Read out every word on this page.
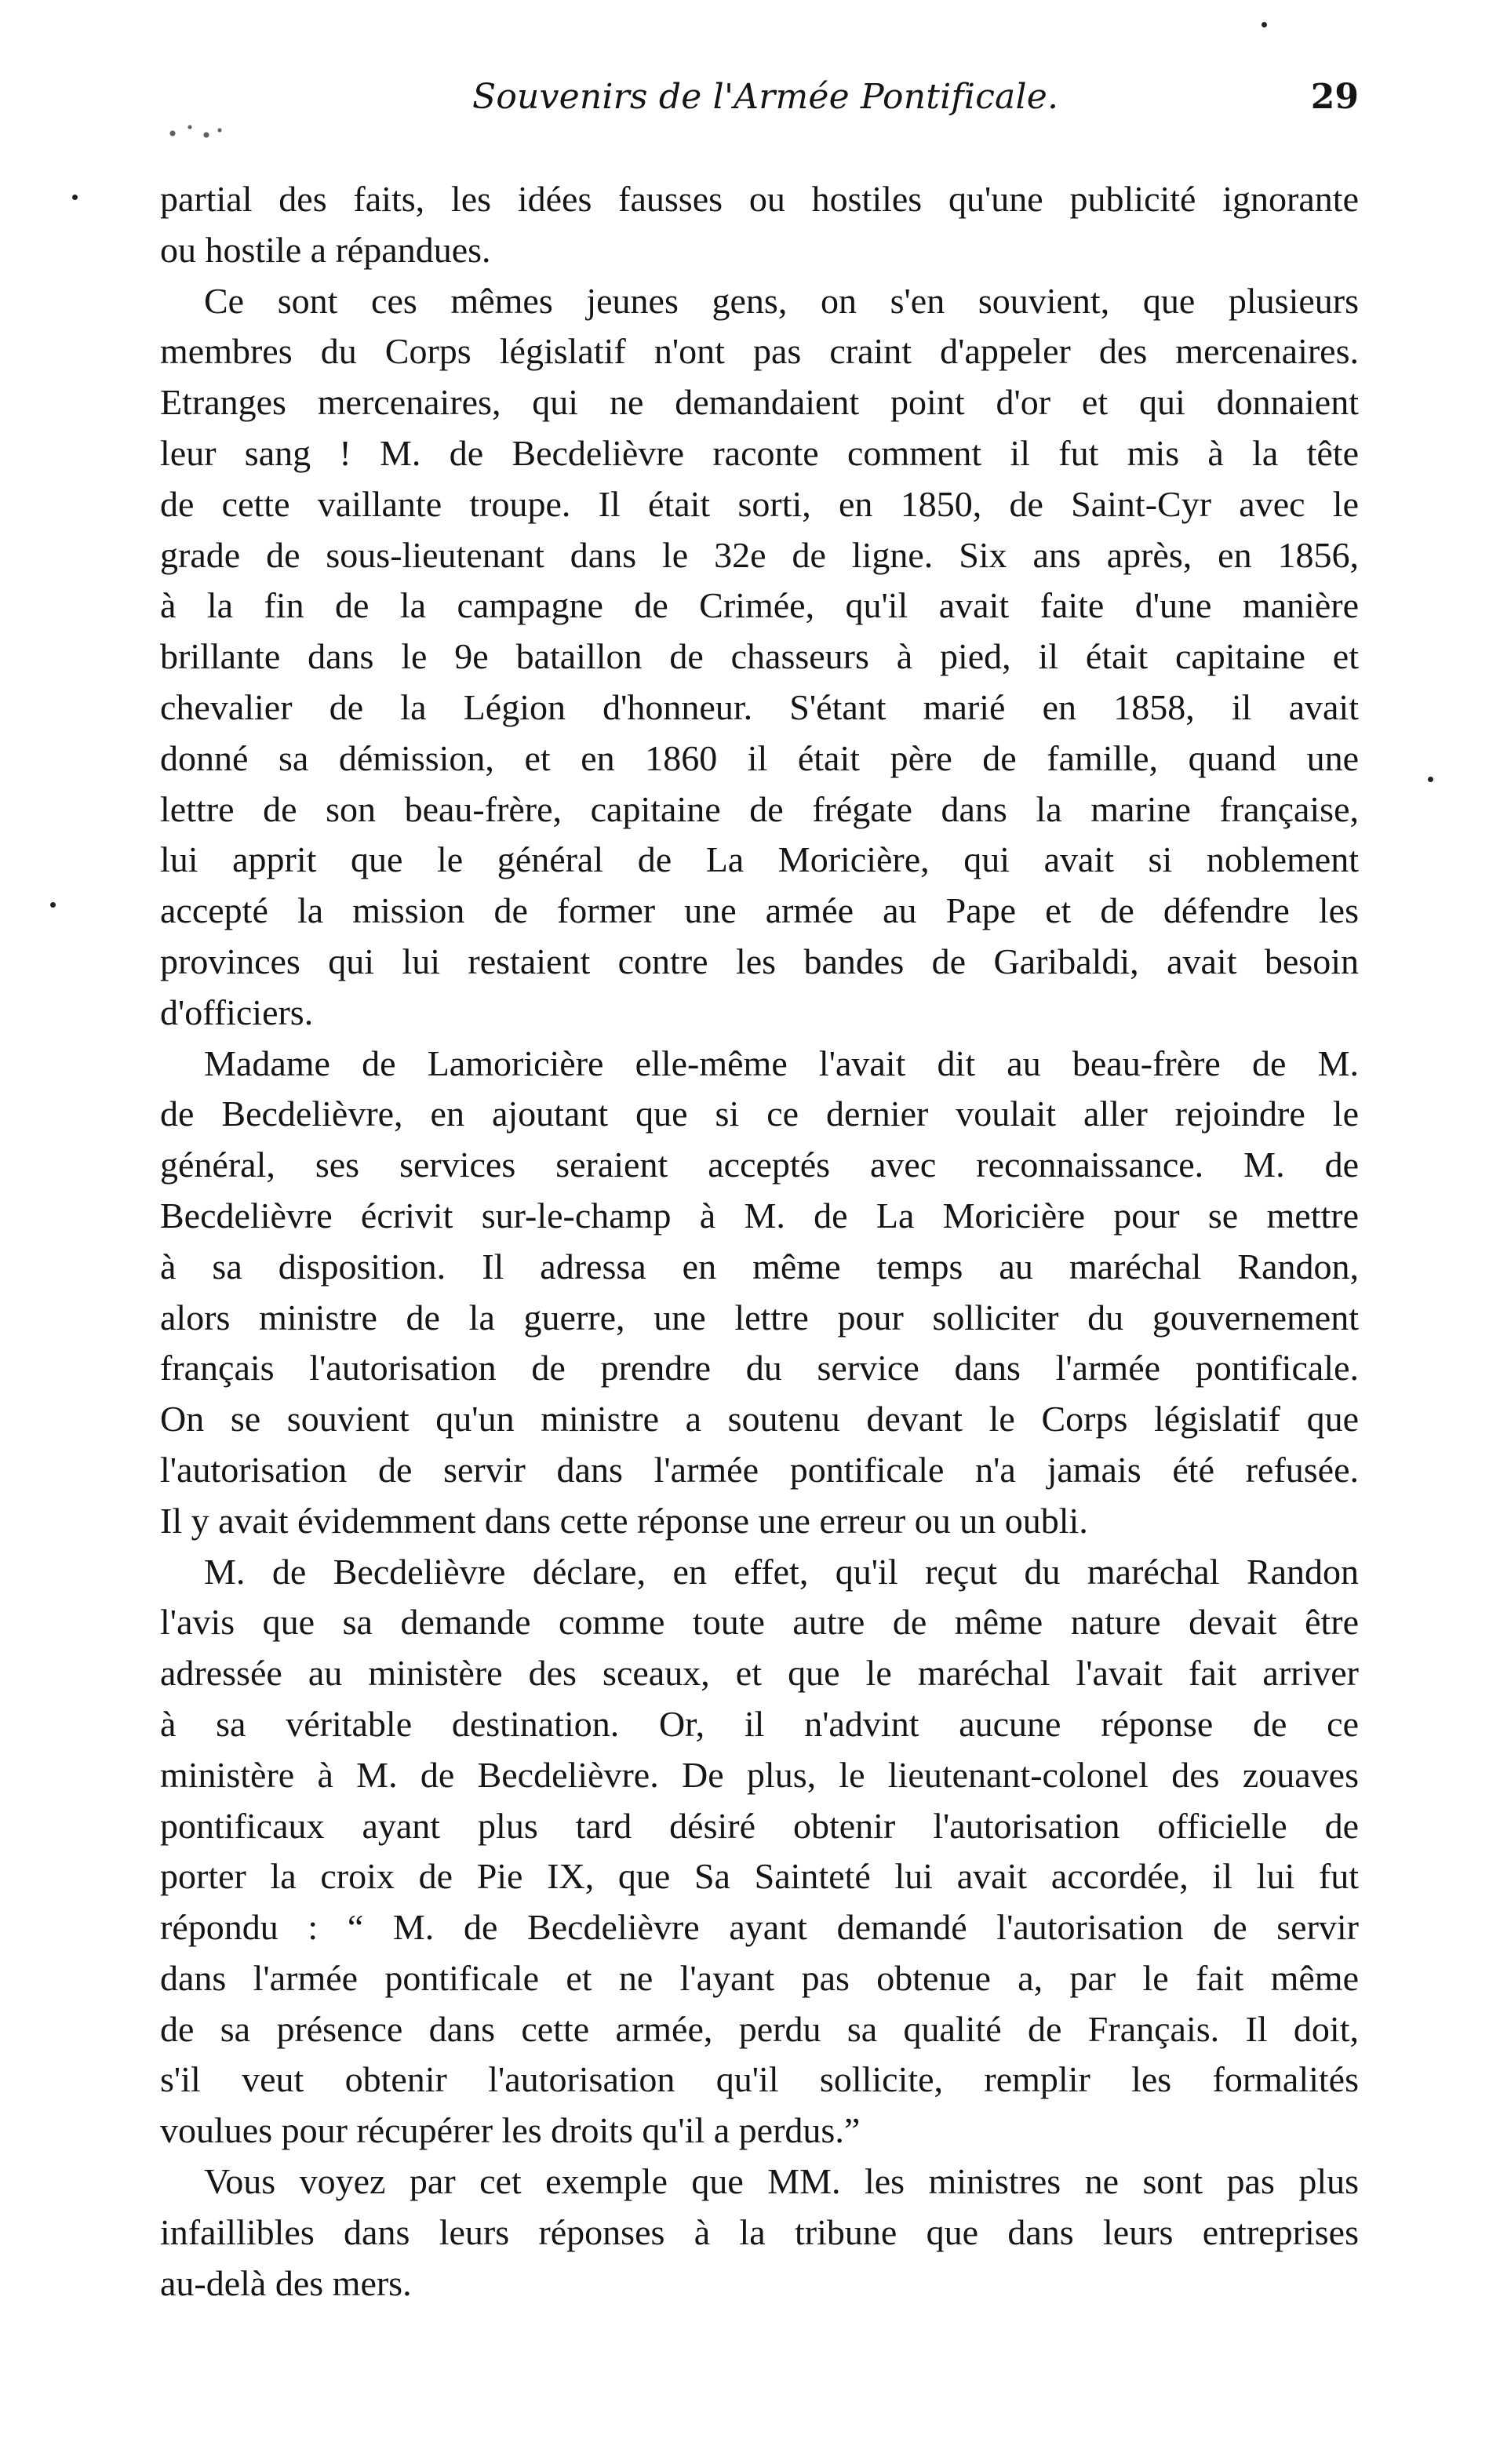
Souvenirs de l'Armée Pontificale.	29
partial des faits, les idées fausses ou hostiles qu'une publicité ignorante
ou hostile a répandues.
Ce sont ces mêmes jeunes gens, on s'en souvient, que plusieurs
membres du Corps législatif n'ont pas craint d'appeler des mercenaires.
Etranges mercenaires, qui ne demandaient point d'or et qui donnaient
leur sang ! M. de Becdelièvre raconte comment il fut mis à la tête
de cette vaillante troupe. Il était sorti, en 1850, de Saint-Cyr avec le
grade de sous-lieutenant dans le 32e de ligne. Six ans après, en 1856,
à la fin de la campagne de Crimée, qu'il avait faite d'une manière
brillante dans le 9e bataillon de chasseurs à pied, il était capitaine et
chevalier de la Légion d'honneur. S'étant marié en 1858, il avait
donné sa démission, et en 1860 il était père de famille, quand une
lettre de son beau-frère, capitaine de frégate dans la marine française,
lui apprit que le général de La Moricière, qui avait si noblement
accepté la mission de former une armée au Pape et de défendre les
provinces qui lui restaient contre les bandes de Garibaldi, avait besoin
d'officiers.
Madame de Lamoricière elle-même l'avait dit au beau-frère de M.
de Becdelièvre, en ajoutant que si ce dernier voulait aller rejoindre le
général, ses services seraient acceptés avec reconnaissance. M. de
Becdelièvre écrivit sur-le-champ à M. de La Moricière pour se mettre
à sa disposition. Il adressa en même temps au maréchal Randon,
alors ministre de la guerre, une lettre pour solliciter du gouvernement
français l'autorisation de prendre du service dans l'armée pontificale.
On se souvient qu'un ministre a soutenu devant le Corps législatif que
l'autorisation de servir dans l'armée pontificale n'a jamais été refusée.
Il y avait évidemment dans cette réponse une erreur ou un oubli.
M. de Becdelièvre déclare, en effet, qu'il reçut du maréchal Randon
l'avis que sa demande comme toute autre de même nature devait être
adressée au ministère des sceaux, et que le maréchal l'avait fait arriver
à sa véritable destination. Or, il n'advint aucune réponse de ce
ministère à M. de Becdelièvre. De plus, le lieutenant-colonel des zouaves
pontificaux ayant plus tard désiré obtenir l'autorisation officielle de
porter la croix de Pie IX, que Sa Sainteté lui avait accordée, il lui fut
répondu : “ M. de Becdelièvre ayant demandé l'autorisation de servir
dans l'armée pontificale et ne l'ayant pas obtenue a, par le fait même
de sa présence dans cette armée, perdu sa qualité de Français. Il doit,
s'il veut obtenir l'autorisation qu'il sollicite, remplir les formalités
voulues pour récupérer les droits qu'il a perdus.”
Vous voyez par cet exemple que MM. les ministres ne sont pas plus
infaillibles dans leurs réponses à la tribune que dans leurs entreprises
au-delà des mers.
